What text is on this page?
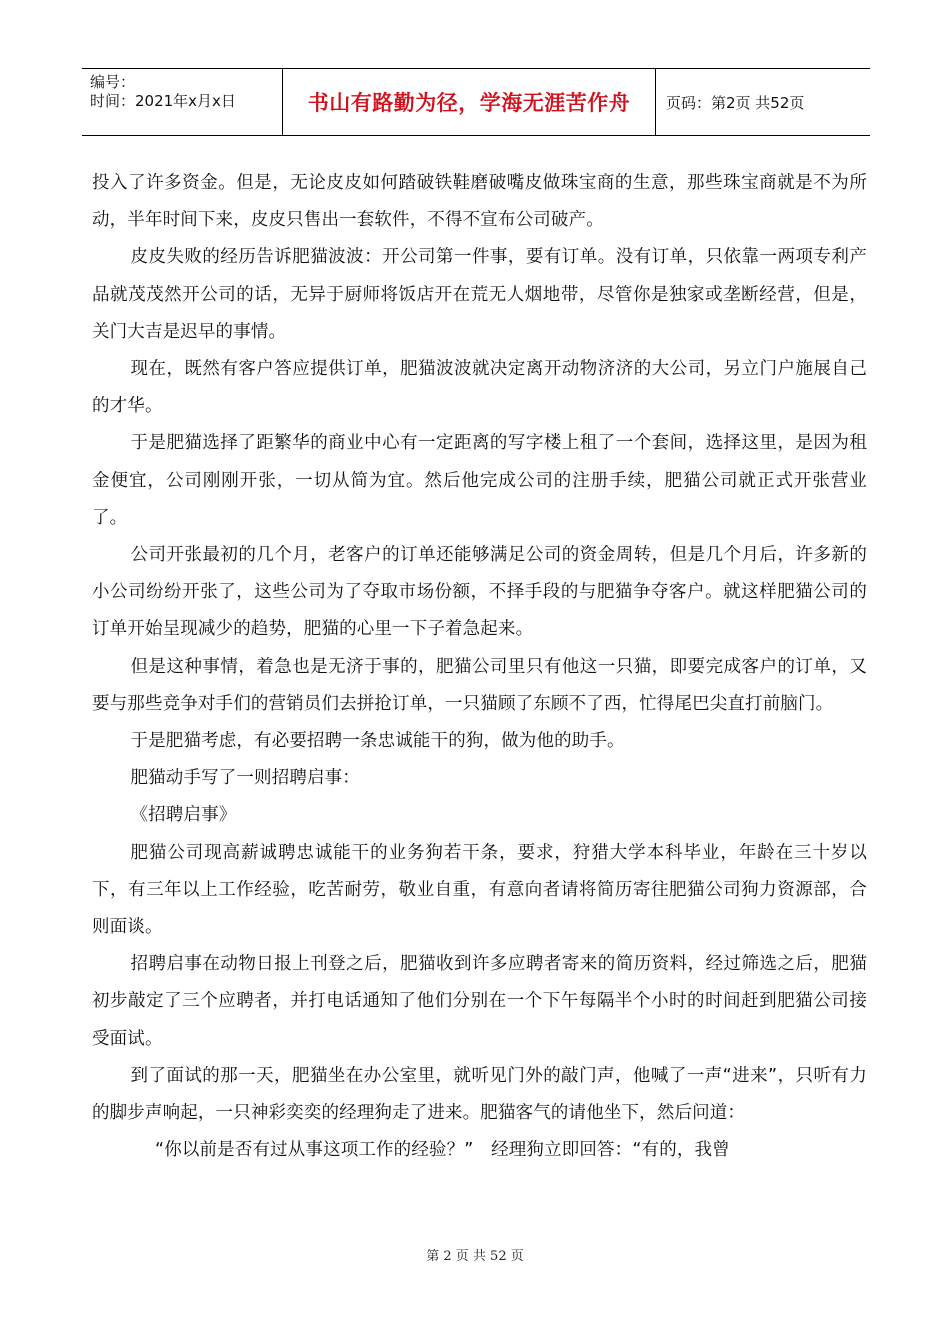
编号：
时间：2021年x月x日	书山有路勤为径，学海无涯苦作舟	页码：第2页 共52页

投入了许多资金。但是，无论皮皮如何踏破铁鞋磨破嘴皮做珠宝商的生意，那些珠宝商就是不为所动，半年时间下来，皮皮只售出一套软件，不得不宣布公司破产。

皮皮失败的经历告诉肥猫波波：开公司第一件事，要有订单。没有订单，只依靠一两项专利产品就茂茂然开公司的话，无异于厨师将饭店开在荒无人烟地带，尽管你是独家或垄断经营，但是，关门大吉是迟早的事情。

现在，既然有客户答应提供订单，肥猫波波就决定离开动物济济的大公司，另立门户施展自己的才华。

于是肥猫选择了距繁华的商业中心有一定距离的写字楼上租了一个套间，选择这里，是因为租金便宜，公司刚刚开张，一切从简为宜。然后他完成公司的注册手续，肥猫公司就正式开张营业了。

公司开张最初的几个月，老客户的订单还能够满足公司的资金周转，但是几个月后，许多新的小公司纷纷开张了，这些公司为了夺取市场份额，不择手段的与肥猫争夺客户。就这样肥猫公司的订单开始呈现减少的趋势，肥猫的心里一下子着急起来。

但是这种事情，着急也是无济于事的，肥猫公司里只有他这一只猫，即要完成客户的订单，又要与那些竞争对手们的营销员们去拼抢订单，一只猫顾了东顾不了西，忙得尾巴尖直打前脑门。

于是肥猫考虑，有必要招聘一条忠诚能干的狗，做为他的助手。

肥猫动手写了一则招聘启事：

《招聘启事》

肥猫公司现高薪诚聘忠诚能干的业务狗若干条，要求，狩猎大学本科毕业，年龄在三十岁以下，有三年以上工作经验，吃苦耐劳，敬业自重，有意向者请将简历寄往肥猫公司狗力资源部，合则面谈。

招聘启事在动物日报上刊登之后，肥猫收到许多应聘者寄来的简历资料，经过筛选之后，肥猫初步敲定了三个应聘者，并打电话通知了他们分别在一个下午每隔半个小时的时间赶到肥猫公司接受面试。

到了面试的那一天，肥猫坐在办公室里，就听见门外的敲门声，他喊了一声“进来”，只听有力的脚步声响起，一只神彩奕奕的经理狗走了进来。肥猫客气的请他坐下，然后问道：

“你以前是否有过从事这项工作的经验？”　经理狗立即回答：“有的，我曾

第 2 页 共 52 页
